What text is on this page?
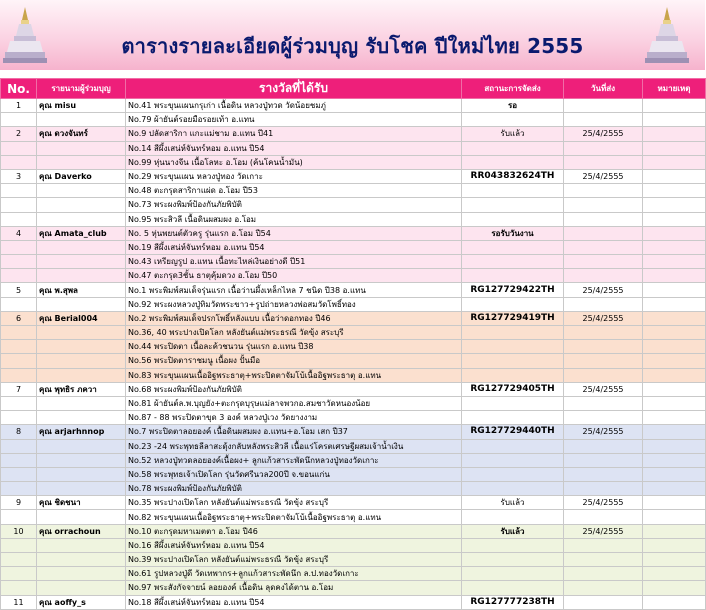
ตารางรายละเอียดผู้ร่วมบุญ รับโชค ปีใหม่ไทย 2555
No.	รายนามผู้ร่วมบุญ	รางวัลที่ได้รับ	สถานะการจัดส่ง	วันที่ส่ง	หมายเหตุ
1	คุณ misu	No.41 พระขุนแผนกรุเก่า เนื้อดิน หลวงปู่ทวด วัดน้อยชมภู่	รอ		
		No.79 ผ้ายันต์รอยมือรอยเท้า อ.แทน			
2	คุณ ดวงจันทร์	No.9 ปลัดสาริกา แกะแม่ชาม อ.แทน ปี41	รับแล้ว	25/4/2555	
		No.14 สีผึ้งเสน่ห์จันทร์หอม อ.แทน ปี54			
		No.99 หุ่นนางจีน เนื้อโลหะ อ.โอม (ค้นโคนน้ำมัน)			
3	คุณ Daverko	No.29 พระขุนแผน หลวงปู่ทอง วัดเกาะ	RR043832624TH	25/4/2555	
		No.48 ตะกรุดสาริกาแผ่ด อ.โอม ปี53			
		No.73 พระผงพิมพ์ป้องกันภัยพิบัติ			
		No.95 พระสิวลี เนื้อดินผสมผง อ.โอม			
4	คุณ Amata_club	No. 5 หุ่นพยนต์ตัวครู รุ่นแรก อ.โอม ปี54	รอรับวันงาน		
		No.19 สีผึ้งเสน่ห์จันทร์หอม อ.แทน ปี54			
		No.43 เหรียญรูป อ.แทน เนื้อทะไหล่เงินอย่างดี ปี51			
		No.47 ตะกรุด3ชั้น ธาตุคุ้มดวง อ.โอม ปี50			
5	คุณ พ.สุพล	No.1 พระพิมพ์สมเด็จรุ่นแรก เนื้อว่านผึ้งเหล็กไหล 7 ชนิด ปี38 อ.แทน	RG127729422TH	25/4/2555	
		No.92 พระผงหลวงปู่ทิมวัดพระขาว+รูปถ่ายหลวงพ่อสมวัดโพธิ์ทอง			
6	คุณ Berial004	No.2 พระพิมพ์สมเด็จปรกโพธิ์หลังแบบ เนื้อว่าดอกทอง ปี46	RG127729419TH	25/4/2555	
		No.36, 40 พระปางเปิดโลก หลังยันต์แม่พระธรณี วัดขุ้ง สระบุรี			
		No.44 พระปิดตา เนื้อละค้วชนวน รุ่นแรก อ.แทน ปี38			
		No.56 พระปิดตาราชมนู เนื้อผง ปั้นมือ			
		No.83 พระขุนแผนเนื้ออิฐพระธาตุ+พระปิดตาจัมโบ้เนื้ออิฐพระธาตุ อ.แทน			
7	คุณ พุทธิร ภควา	No.68 พระผงพิมพ์ป้องกันภัยพิบัติ	RG127729405TH	25/4/2555	
		No.81 ผ้ายันต์ล.พ.บุญยัง+ตะกรุดบุรุษแม่ลาจพวกอ.สมชาวัดหนองน้อย			
		No.87 - 88 พระปิดตาขุด 3 องค์ หลวงปู่เวง วัดยางงาม			
8	คุณ arjarhnnop	No.7 พระปิดตาลอยองค์ เนื้อดินผสมผง อ.แทน+อ.โอม เสก ปี37	RG127729440TH	25/4/2555	
		No.23 -24 พระพุทธลีลาสะดุ้งกลับหลังพระสิวลี เนื้อแร่โครตเศรษฐีผสมเจ้าน้ำเงิน			
		No.52 หลวงปู่ทวดลอยองค์เนื้อผง+ ลูกแก้วสาระพัดนึกหลวงปู่ทองวัดเกาะ			
		No.58 พระพุทธเจ้าเปิดโลก รุ่นวัดศรีนวล200ปี จ.ขอนแก่น			
		No.78 พระผงพิมพ์ป้องกันภัยพิบัติ			
9	คุณ ชิดชนา	No.35 พระปางเปิดโลก หลังยันต์แม่พระธรณี วัดขุ้ง สระบุรี	รับแล้ว	25/4/2555	
		No.82 พระขุนแผนเนื้ออิฐพระธาตุ+พระปิดตาจัมโบ้เนื้ออิฐพระธาตุ อ.แทน			
10	คุณ orrachoun	No.10 ตะกรุดมหาเมตตา อ.โอม ปี46	รับแล้ว	25/4/2555	
		No.16 สีผึ้งเสน่ห์จันทร์หอม อ.แทน ปี54			
		No.39 พระปางเปิดโลก หลังยันต์แม่พระธรณี วัดขุ้ง สระบุรี			
		No.61 รูปหลวงปู่ดี วัดเทพากร+ลูกแก้วสาระพัดนึก ล.ป.ทองวัดเกาะ			
		No.97 พระสังกัจจายน์ ลอยองค์ เนื้อดิน ลุดคงได้ตาน อ.โอม			
11	คุณ aoffy_s	No.18 สีผึ้งเสน่ห์จันทร์หอม อ.แทน ปี54	RG127777238TH		
